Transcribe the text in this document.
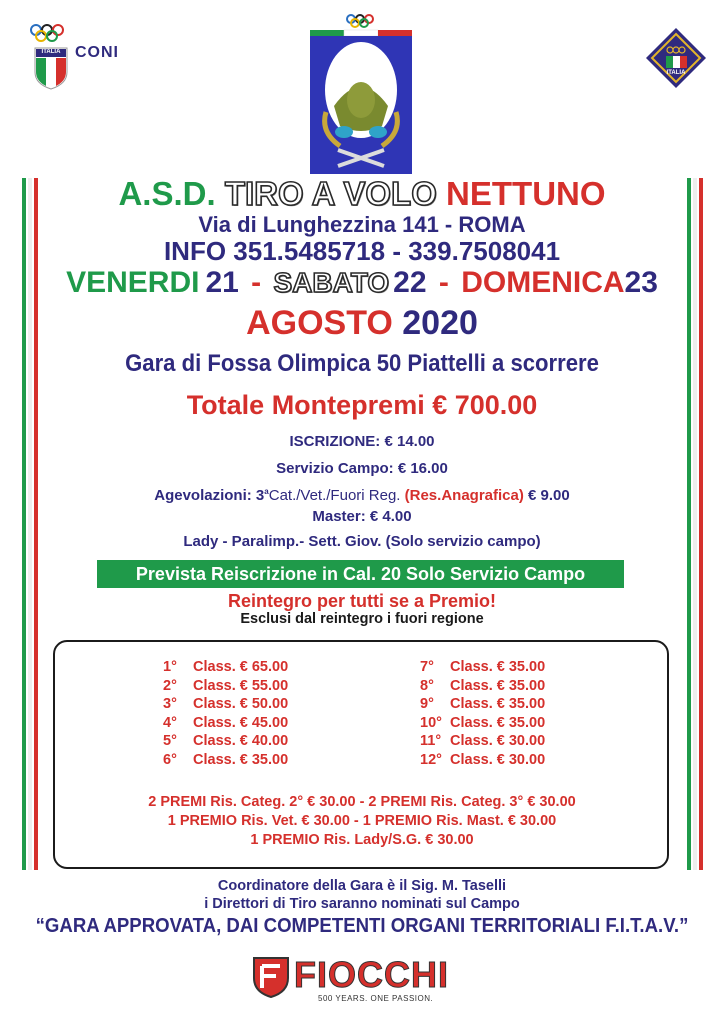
ITALIA CONI
ITALIA
A.S.D. TIRO A VOLO NETTUNO
Via di Lunghezzina 141 - ROMA
INFO 351.5485718 - 339.7508041
VENERDI 21 - SABATO 22 - DOMENICA23
AGOSTO 2020
Gara di Fossa Olimpica 50 Piattelli a scorrere
Totale Montepremi € 700.00
ISCRIZIONE: € 14.00
Servizio Campo: € 16.00
Agevolazioni: 3$^a$Cat./Vet./Fuori Reg. (Res.Anagrafica) € 9.00
Master: € 4.00
Lady - Paralimp.- Sett. Giov. (Solo servizio campo)
Prevista Reiscrizione in Cal. 20 Solo Servizio Campo
Reintegro per tutti se a Premio!
Esclusi dal reintegro i fuori regione
1° Class. € 65.00
2° Class. € 55.00
3° Class. € 50.00
4° Class. € 45.00
5° Class. € 40.00
6° Class. € 35.00
7° Class. € 35.00
8° Class. € 35.00
9° Class. € 35.00
10° Class. € 35.00
11° Class. € 30.00
12° Class. € 30.00
2 PREMI Ris. Categ. 2° € 30.00 - 2 PREMI Ris. Categ. 3° € 30.00
1 PREMIO Ris. Vet. € 30.00 - 1 PREMIO Ris. Mast. € 30.00
1 PREMIO Ris. Lady/S.G. € 30.00
Coordinatore della Gara è il Sig. M. Taselli
i Direttori di Tiro saranno nominati sul Campo
“GARA APPROVATA, DAI COMPETENTI ORGANI TERRITORIALI F.I.T.A.V.”
FIOCCHI
500 YEARS. ONE PASSION.
